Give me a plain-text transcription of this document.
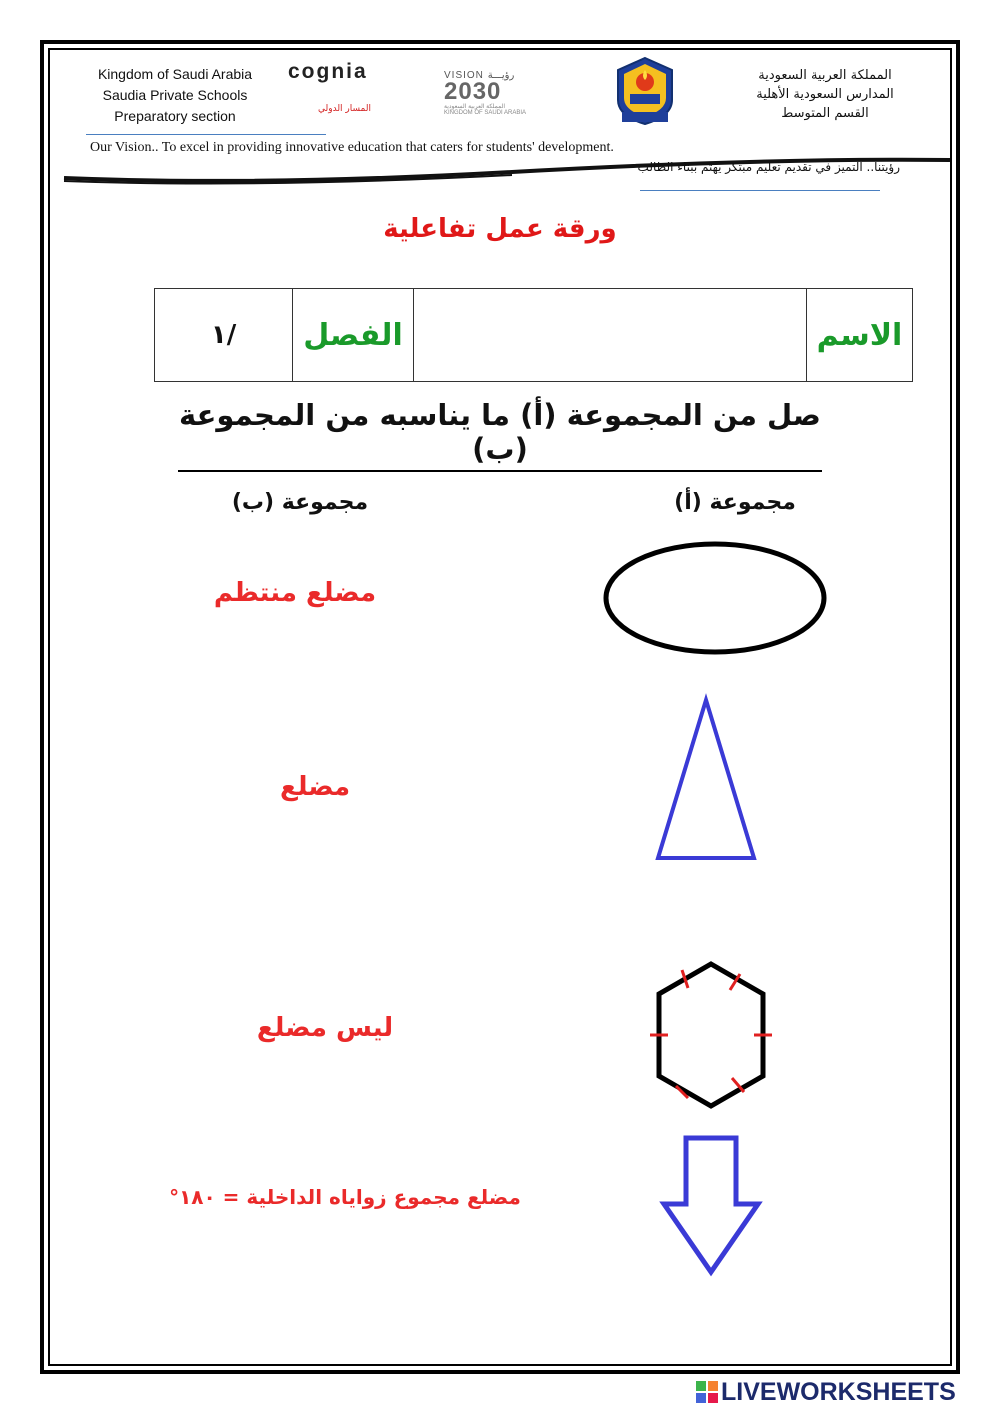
Kingdom of Saudi Arabia
Saudia Private Schools
Preparatory section
cognia
المسار الدولي
VISION رؤيـــة
2030
المملكة العربية السعودية KINGDOM OF SAUDI ARABIA
المملكة العربية السعودية
المدارس السعودية الأهلية
القسم المتوسط
Our Vision.. To excel in providing innovative education that caters for students' development.
رؤيتنا.. التميز في تقديم تعليم مبتكر يهتم ببناء الطالب
ورقة عمل تفاعلية
الاسم		الفصل	/١
صل من المجموعة (أ) ما يناسبه من المجموعة (ب)
مجموعة (أ)
مجموعة (ب)
مضلع منتظم
مضلع
ليس مضلع
مضلع مجموع زواياه الداخلية = ١٨٠°
LIVEWORKSHEETS
